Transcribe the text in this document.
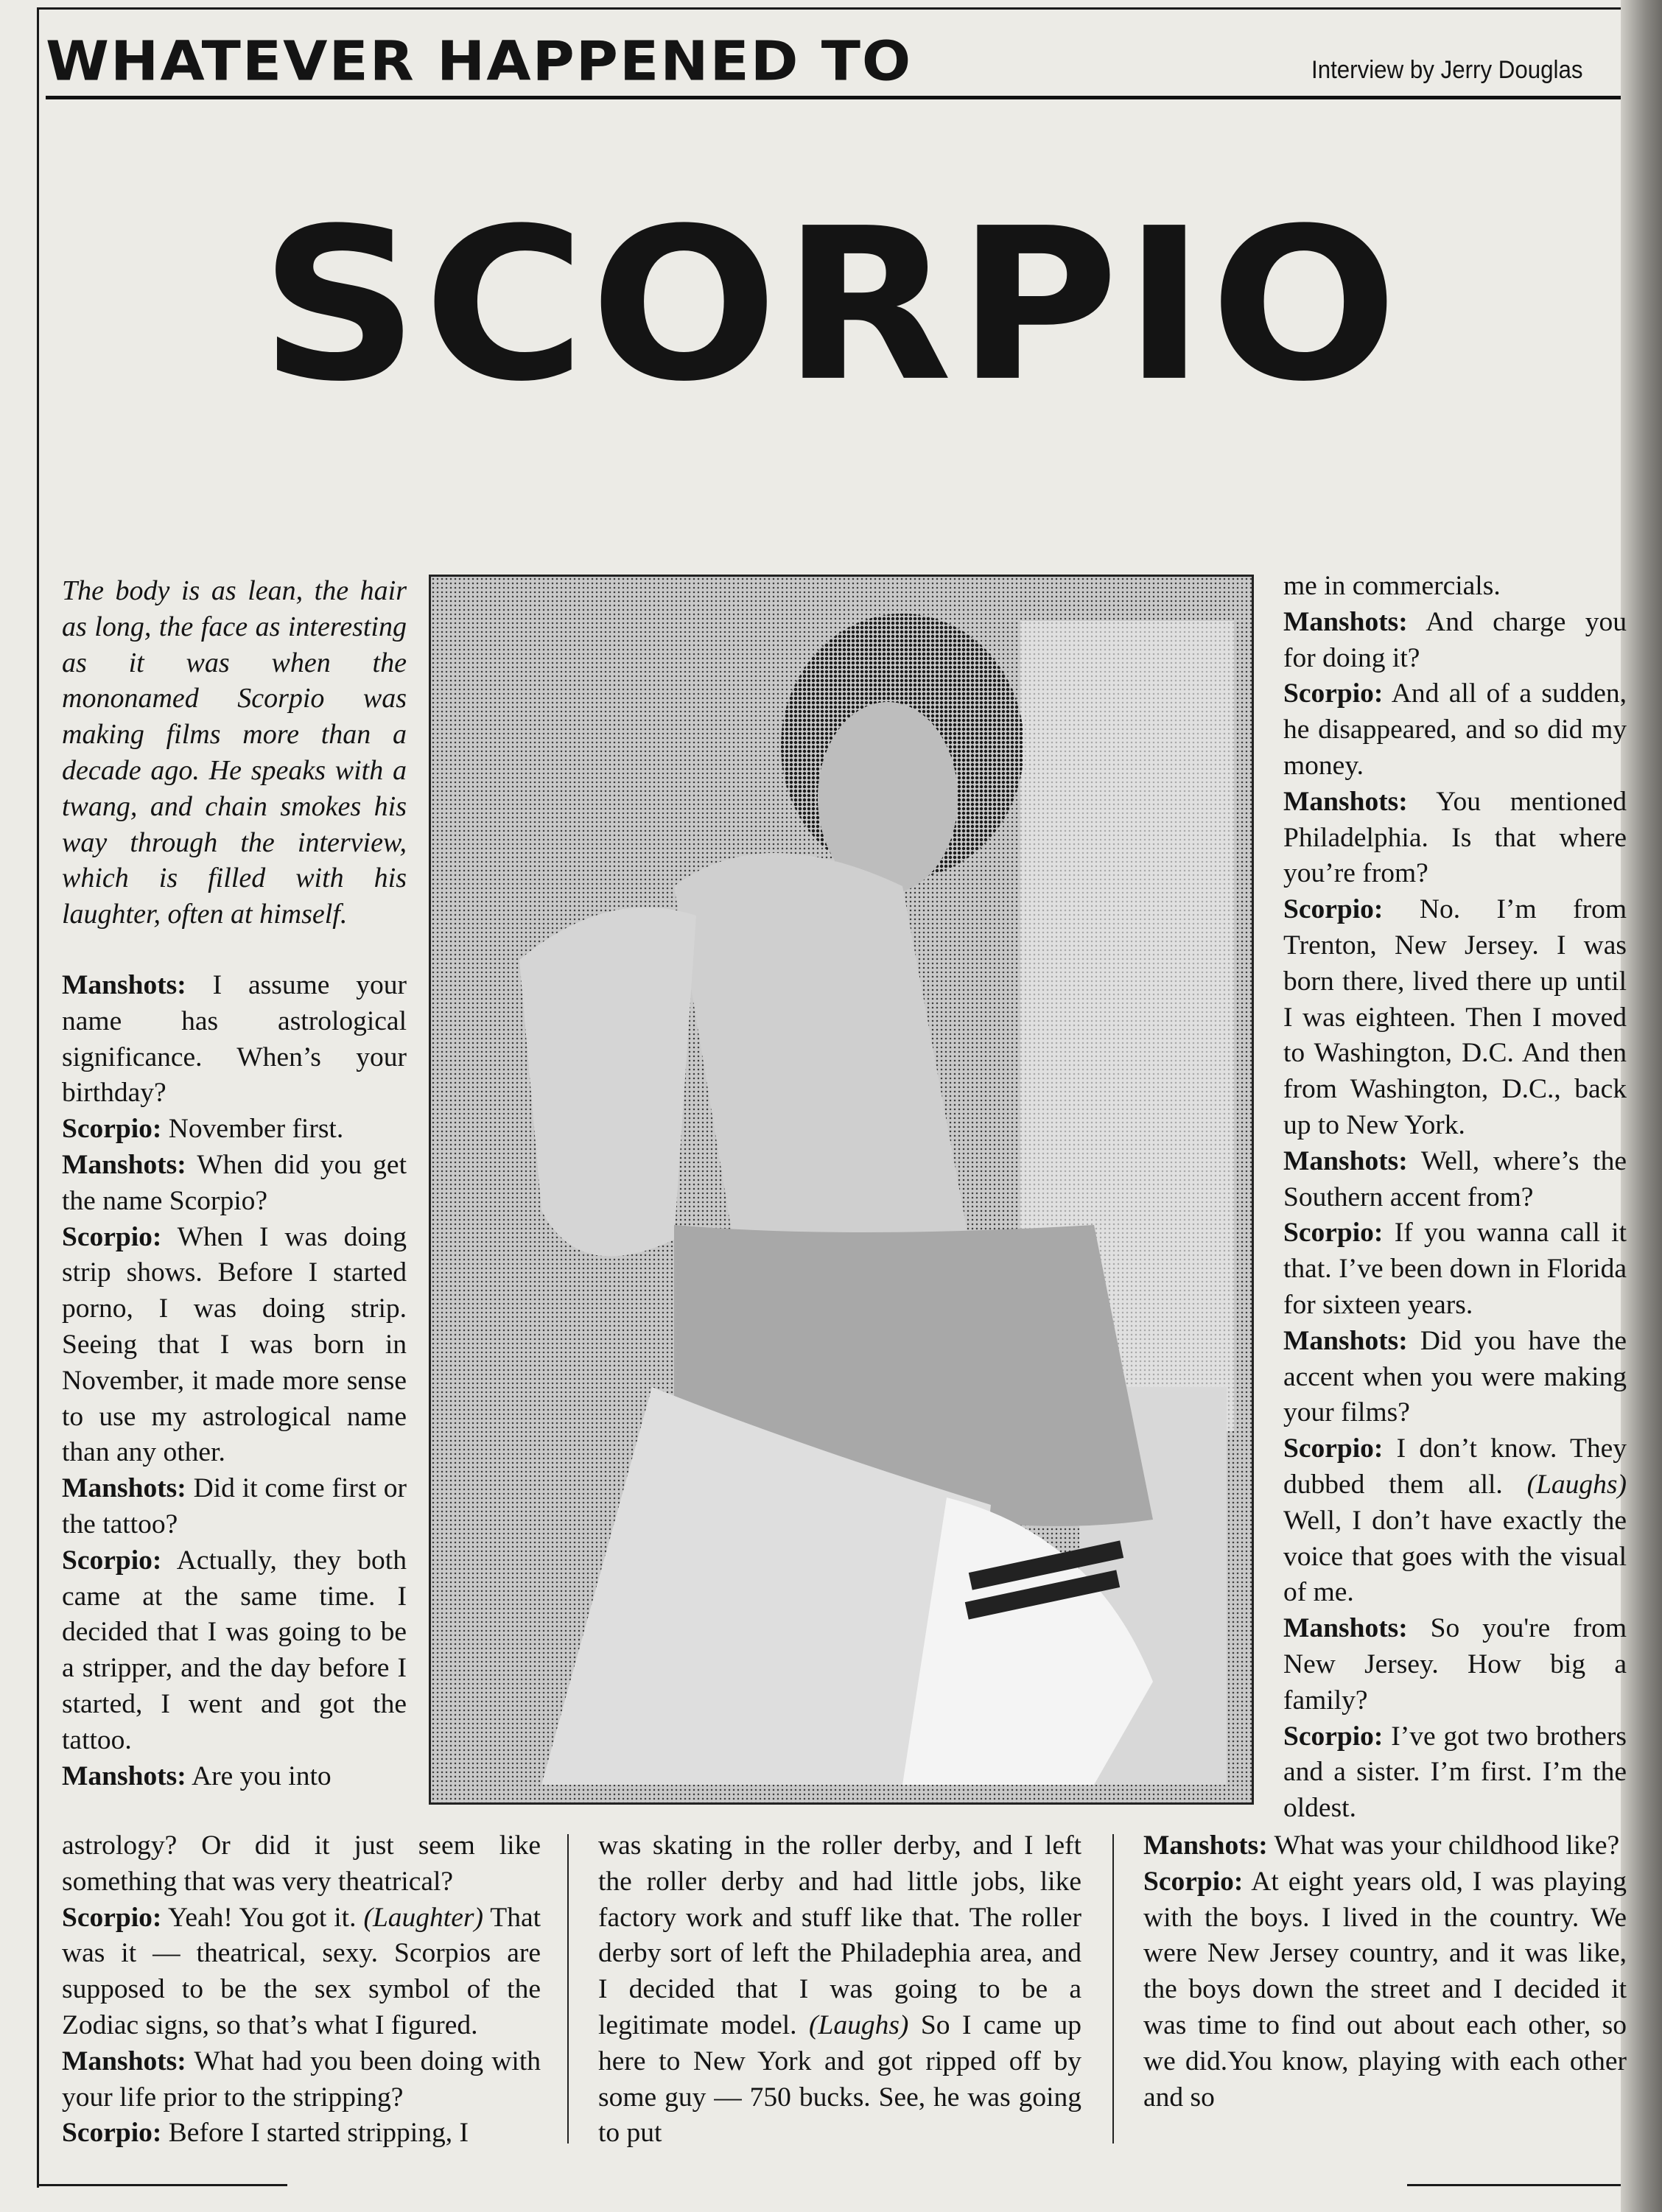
WHATEVER HAPPENED TO	Interview by Jerry Douglas
SCORPIO

The body is as lean, the hair as long, the face as interesting as it was when the mononamed Scorpio was making films more than a decade ago. He speaks with a twang, and chain smokes his way through the interview, which is filled with his laughter, often at himself.

Manshots: I assume your name has astrological significance. When’s your birthday?

Scorpio: November first.

Manshots: When did you get the name Scorpio?

Scorpio: When I was doing strip shows. Before I started porno, I was doing strip. Seeing that I was born in November, it made more sense to use my astrological name than any other.

Manshots: Did it come first or the tattoo?

Scorpio: Actually, they both came at the same time. I decided that I was going to be a stripper, and the day before I started, I went and got the tattoo.

Manshots: Are you into

astrology? Or did it just seem like something that was very theatrical?

Scorpio: Yeah! You got it. (Laughter) That was it — theatrical, sexy. Scorpios are supposed to be the sex symbol of the Zodiac signs, so that’s what I figured.

Manshots: What had you been doing with your life prior to the stripping?

Scorpio: Before I started stripping, I

was skating in the roller derby, and I left the roller derby and had little jobs, like factory work and stuff like that. The roller derby sort of left the Philadephia area, and I decided that I was going to be a legitimate model. (Laughs) So I came up here to New York and got ripped off by some guy — 750 bucks. See, he was going to put

me in commercials.

Manshots: And charge you for doing it?

Scorpio: And all of a sudden, he disappeared, and so did my money.

Manshots: You mentioned Philadelphia. Is that where you’re from?

Scorpio: No. I’m from Trenton, New Jersey. I was born there, lived there up until I was eighteen. Then I moved to Washington, D.C. And then from Washington, D.C., back up to New York.

Manshots: Well, where’s the Southern accent from?

Scorpio: If you wanna call it that. I’ve been down in Florida for sixteen years.

Manshots: Did you have the accent when you were making your films?

Scorpio: I don’t know. They dubbed them all. (Laughs) Well, I don’t have exactly the voice that goes with the visual of me.

Manshots: So you're from New Jersey. How big a family?

Scorpio: I’ve got two brothers and a sister. I’m first. I’m the oldest.

Manshots: What was your childhood like?

Scorpio: At eight years old, I was playing with the boys. I lived in the country. We were New Jersey country, and it was like, the boys down the street and I decided it was time to find out about each other, so we did.You know, playing with each other and so
